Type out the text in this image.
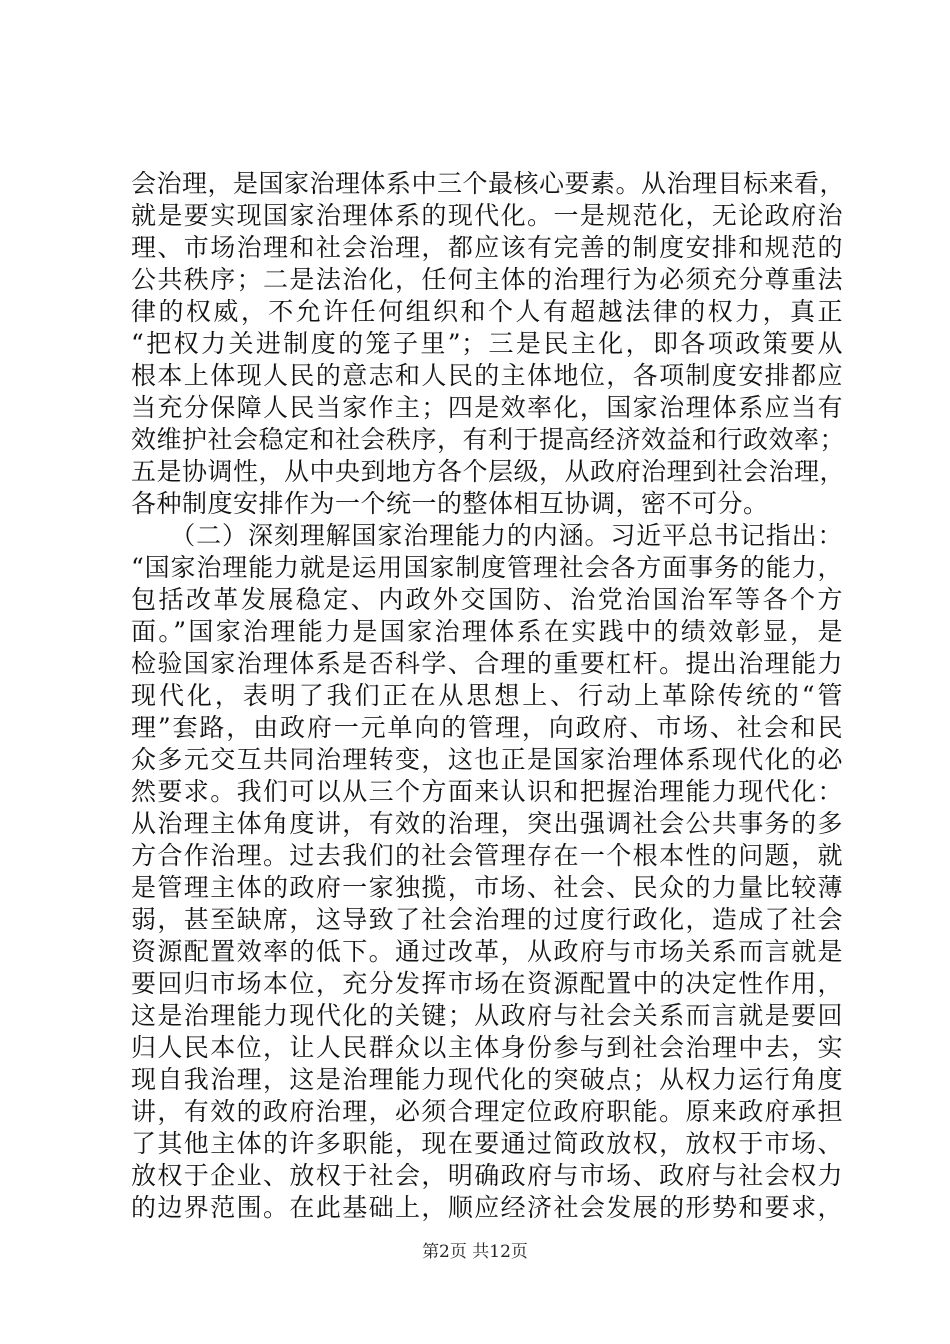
会治理，是国家治理体系中三个最核心要素。从治理目标来看，
就是要实现国家治理体系的现代化。一是规范化，无论政府治
理、市场治理和社会治理，都应该有完善的制度安排和规范的
公共秩序；二是法治化，任何主体的治理行为必须充分尊重法
律的权威，不允许任何组织和个人有超越法律的权力，真正
“把权力关进制度的笼子里”；三是民主化，即各项政策要从
根本上体现人民的意志和人民的主体地位，各项制度安排都应
当充分保障人民当家作主；四是效率化，国家治理体系应当有
效维护社会稳定和社会秩序，有利于提高经济效益和行政效率；
五是协调性，从中央到地方各个层级，从政府治理到社会治理，
各种制度安排作为一个统一的整体相互协调，密不可分。
　　（二）深刻理解国家治理能力的内涵。习近平总书记指出：
“国家治理能力就是运用国家制度管理社会各方面事务的能力，
包括改革发展稳定、内政外交国防、治党治国治军等各个方
面。”国家治理能力是国家治理体系在实践中的绩效彰显，是
检验国家治理体系是否科学、合理的重要杠杆。提出治理能力
现代化，表明了我们正在从思想上、行动上革除传统的“管
理”套路，由政府一元单向的管理，向政府、市场、社会和民
众多元交互共同治理转变，这也正是国家治理体系现代化的必
然要求。我们可以从三个方面来认识和把握治理能力现代化：
从治理主体角度讲，有效的治理，突出强调社会公共事务的多
方合作治理。过去我们的社会管理存在一个根本性的问题，就
是管理主体的政府一家独揽，市场、社会、民众的力量比较薄
弱，甚至缺席，这导致了社会治理的过度行政化，造成了社会
资源配置效率的低下。通过改革，从政府与市场关系而言就是
要回归市场本位，充分发挥市场在资源配置中的决定性作用，
这是治理能力现代化的关键；从政府与社会关系而言就是要回
归人民本位，让人民群众以主体身份参与到社会治理中去，实
现自我治理，这是治理能力现代化的突破点；从权力运行角度
讲，有效的政府治理，必须合理定位政府职能。原来政府承担
了其他主体的许多职能，现在要通过简政放权，放权于市场、
放权于企业、放权于社会，明确政府与市场、政府与社会权力
的边界范围。在此基础上，顺应经济社会发展的形势和要求，
第2页 共12页
